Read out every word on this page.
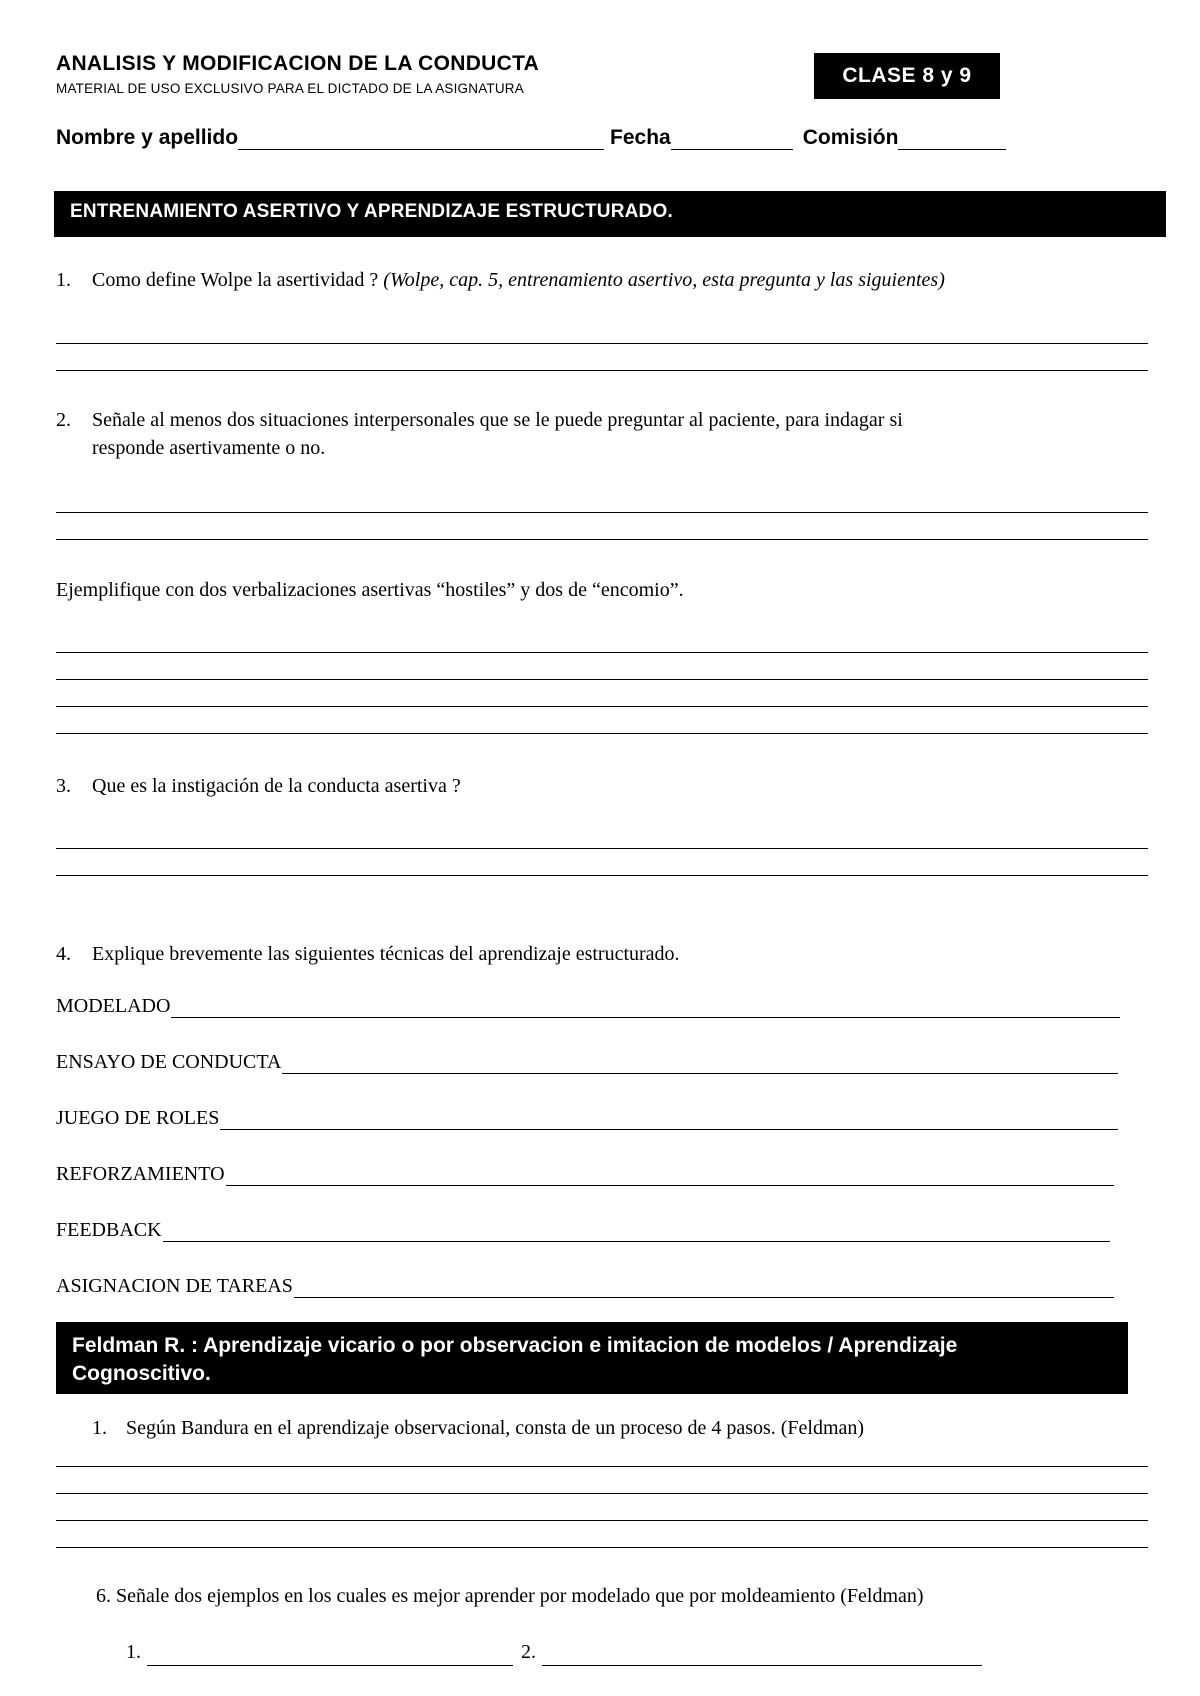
ANALISIS Y MODIFICACION DE LA CONDUCTA
MATERIAL DE USO EXCLUSIVO PARA EL DICTADO DE LA ASIGNATURA
CLASE 8 y 9
Nombre y apellido	Fecha	Comisión
ENTRENAMIENTO ASERTIVO Y APRENDIZAJE ESTRUCTURADO.
1. Como define Wolpe la asertividad ? (Wolpe, cap. 5, entrenamiento asertivo, esta pregunta y las siguientes)
2. Señale al menos dos situaciones interpersonales que se le puede preguntar al paciente, para indagar si
responde asertivamente o no.
Ejemplifique con dos verbalizaciones asertivas “hostiles” y dos de “encomio”.
3. Que es la instigación de la conducta asertiva ?
4. Explique brevemente las siguientes técnicas del aprendizaje estructurado.
MODELADO
ENSAYO DE CONDUCTA
JUEGO DE ROLES
REFORZAMIENTO
FEEDBACK
ASIGNACION DE TAREAS
Feldman R. : Aprendizaje vicario o por observacion e imitacion de modelos / Aprendizaje
Cognoscitivo.
1. Según Bandura en el aprendizaje observacional, consta de un proceso de 4 pasos. (Feldman)
6. Señale dos ejemplos en los cuales es mejor aprender por modelado que por moldeamiento (Feldman)
1.	2.
